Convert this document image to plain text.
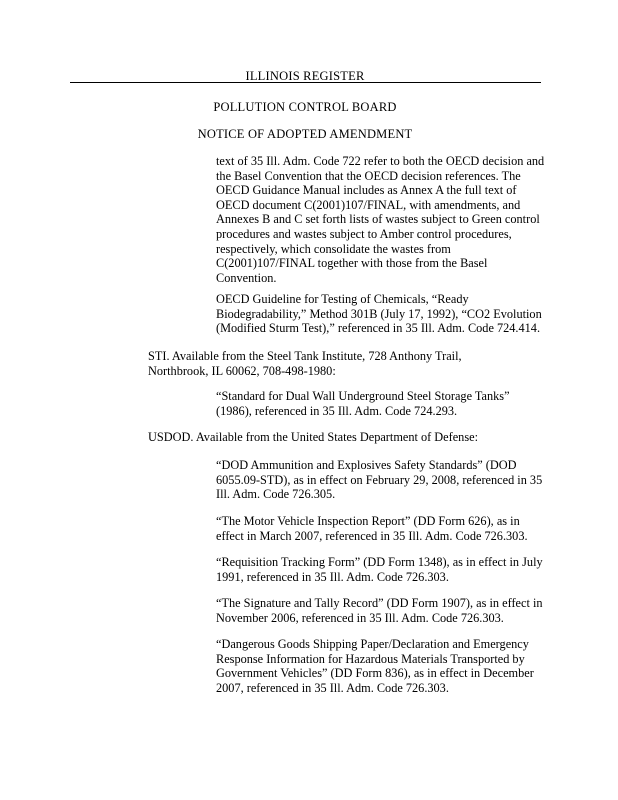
ILLINOIS REGISTER
POLLUTION CONTROL BOARD
NOTICE OF ADOPTED AMENDMENT
text of 35 Ill. Adm. Code 722 refer to both the OECD decision and
the Basel Convention that the OECD decision references. The
OECD Guidance Manual includes as Annex A the full text of
OECD document C(2001)107/FINAL, with amendments, and
Annexes B and C set forth lists of wastes subject to Green control
procedures and wastes subject to Amber control procedures,
respectively, which consolidate the wastes from
C(2001)107/FINAL together with those from the Basel
Convention.
OECD Guideline for Testing of Chemicals, “Ready
Biodegradability,” Method 301B (July 17, 1992), “CO2 Evolution
(Modified Sturm Test),” referenced in 35 Ill. Adm. Code 724.414.
STI. Available from the Steel Tank Institute, 728 Anthony Trail,
Northbrook, IL 60062, 708-498-1980:
“Standard for Dual Wall Underground Steel Storage Tanks”
(1986), referenced in 35 Ill. Adm. Code 724.293.
USDOD. Available from the United States Department of Defense:
“DOD Ammunition and Explosives Safety Standards” (DOD
6055.09-STD), as in effect on February 29, 2008, referenced in 35
Ill. Adm. Code 726.305.
“The Motor Vehicle Inspection Report” (DD Form 626), as in
effect in March 2007, referenced in 35 Ill. Adm. Code 726.303.
“Requisition Tracking Form” (DD Form 1348), as in effect in July
1991, referenced in 35 Ill. Adm. Code 726.303.
“The Signature and Tally Record” (DD Form 1907), as in effect in
November 2006, referenced in 35 Ill. Adm. Code 726.303.
“Dangerous Goods Shipping Paper/Declaration and Emergency
Response Information for Hazardous Materials Transported by
Government Vehicles” (DD Form 836), as in effect in December
2007, referenced in 35 Ill. Adm. Code 726.303.
